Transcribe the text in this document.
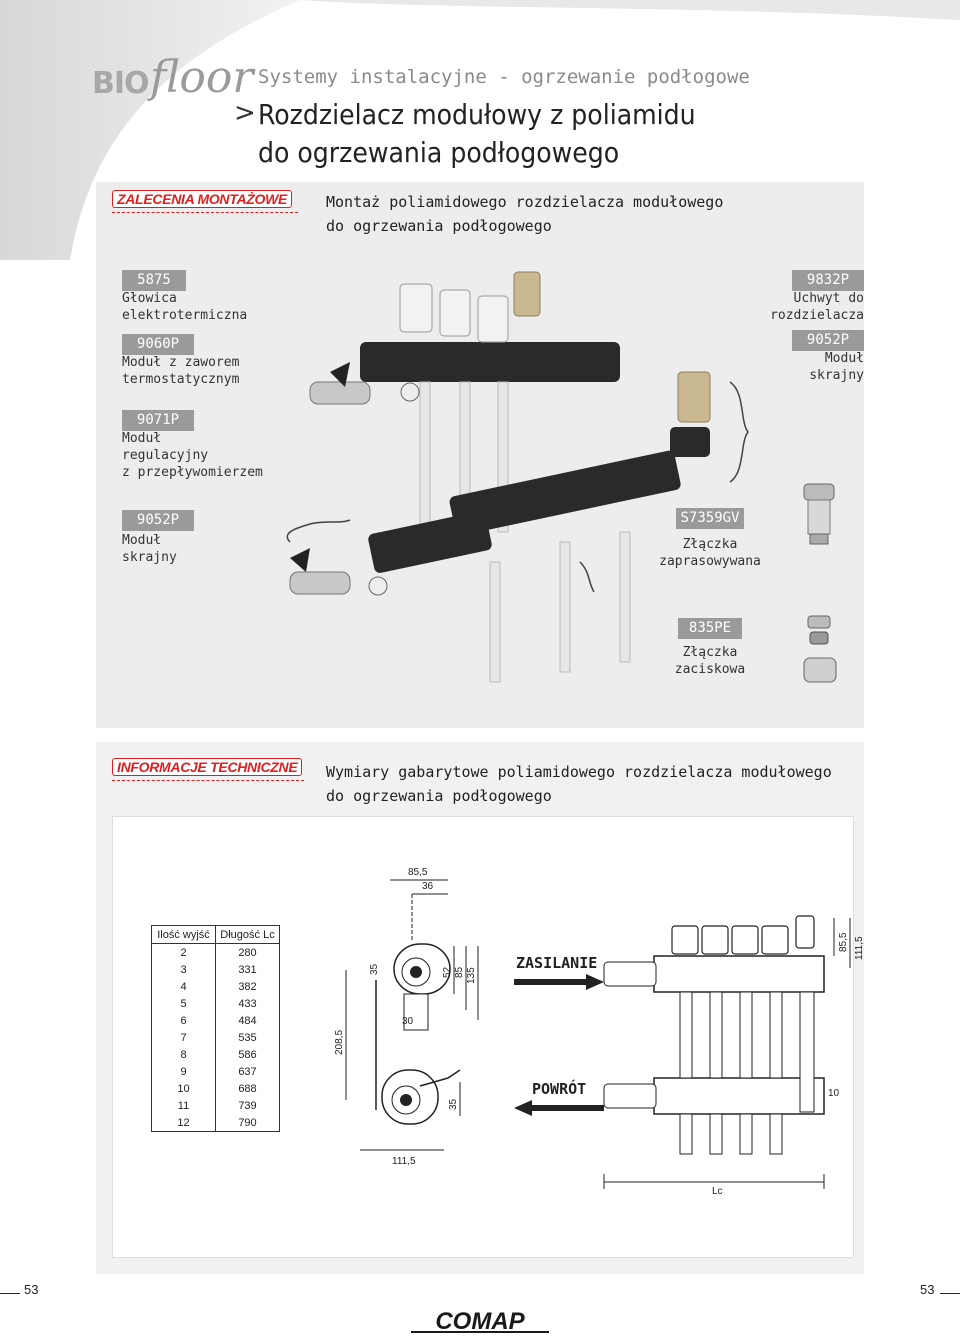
BIO floor Systemy instalacyjne - ogrzewanie podłogowe
> Rozdzielacz modułowy z poliamidu
do ogrzewania podłogowego
ZALECENIA MONTAŻOWE	Montaż poliamidowego rozdzielacza modułowego
do ogrzewania podłogowego
5875
Głowica
elektrotermiczna
9060P
Moduł z zaworem
termostatycznym
9071P
Moduł
regulacyjny
z przepływomierzem
9052P
Moduł
skrajny
9832P
Uchwyt do
rozdzielacza
9052P
Moduł
skrajny
S7359GV
Złączka
zaprasowywana
835PE
Złączka
zaciskowa
INFORMACJE TECHNICZNE	Wymiary gabarytowe poliamidowego rozdzielacza modułowego
do ogrzewania podłogowego
Ilość wyjść	Długość Lc
2	280
3	331
4	382
5	433
6	484
7	535
8	586
9	637
10	688
11	739
12	790
85,5
36
208,5
35
30
52 85 135
35
111,5
ZASILANIE
POWRÓT
Lc
85,5 111,5
10
53	53
COMAP
